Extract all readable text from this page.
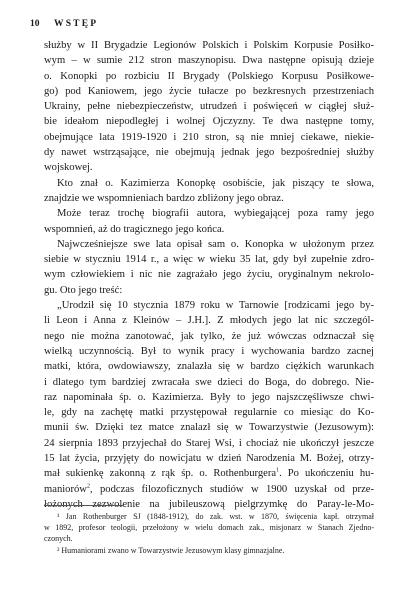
10 WSTĘP
służby w II Brygadzie Legionów Polskich i Polskim Korpusie Posiłko-
wym – w sumie 212 stron maszynopisu. Dwa następne opisują dzieje
o. Konopki po rozbiciu II Brygady (Polskiego Korpusu Posiłkowe-
go) pod Kaniowem, jego życie tułacze po bezkresnych przestrzeniach
Ukrainy, pełne niebezpieczeństw, utrudzeń i poświęceń w ciągłej służ-
bie ideałom niepodległej i wolnej Ojczyzny. Te dwa następne tomy,
obejmujące lata 1919-1920 i 210 stron, są nie mniej ciekawe, niekie-
dy nawet wstrząsające, nie obejmują jednak jego bezpośredniej służby
wojskowej.
Kto znał o. Kazimierza Konopkę osobiście, jak piszący te słowa,
znajdzie we wspomnieniach bardzo zbliżony jego obraz.
Może teraz trochę biografii autora, wybiegającej poza ramy jego
wspomnień, aż do tragicznego jego końca.
Najwcześniejsze swe lata opisał sam o. Konopka w ułożonym przez
siebie w styczniu 1914 r., a więc w wieku 35 lat, gdy był zupełnie zdro-
wym człowiekiem i nic nie zagrażało jego życiu, oryginalnym nekrolo-
gu. Oto jego treść:
„Urodził się 10 stycznia 1879 roku w Tarnowie [rodzicami jego by-
li Leon i Anna z Kleinów – J.H.]. Z młodych jego lat nic szczegól-
nego nie można zanotować, jak tylko, że już wówczas odznaczał się
wielką uczynnością. Był to wynik pracy i wychowania bardzo zacnej
matki, która, owdowiawszy, znalazła się w bardzo ciężkich warunkach
i dlatego tym bardziej zwracała swe dzieci do Boga, do dobrego. Nie-
raz napominała śp. o. Kazimierza. Były to jego najszczęśliwsze chwi-
le, gdy na zachętę matki przystępował regularnie co miesiąc do Ko-
munii św. Dzięki tez matce znalazł się w Towarzystwie (Jezusowym):
24 sierpnia 1893 przyjechał do Starej Wsi, i chociaż nie ukończył jeszcze
15 lat życia, przyjęty do nowicjatu w dzień Narodzenia M. Bożej, otrzy-
mał sukienkę zakonną z rąk śp. o. Rothenburgera$^1$. Po ukończeniu hu-
maniorów$^2$, podczas filozoficznych studiów w 1900 uzyskał od prze-
łożonych zezwolenie na jubileuszową pielgrzymkę do Paray-le-Mo-
¹ Jan Rothenburger SJ (1848-1912), do zak. wst. w 1870, święcenia kapł. otrzymał
w 1892, profesor teologii, przełożony w wielu domach zak., misjonarz w Stanach Zjedno-
czonych.
² Humaniorami zwano w Towarzystwie Jezusowym klasy gimnazjalne.
